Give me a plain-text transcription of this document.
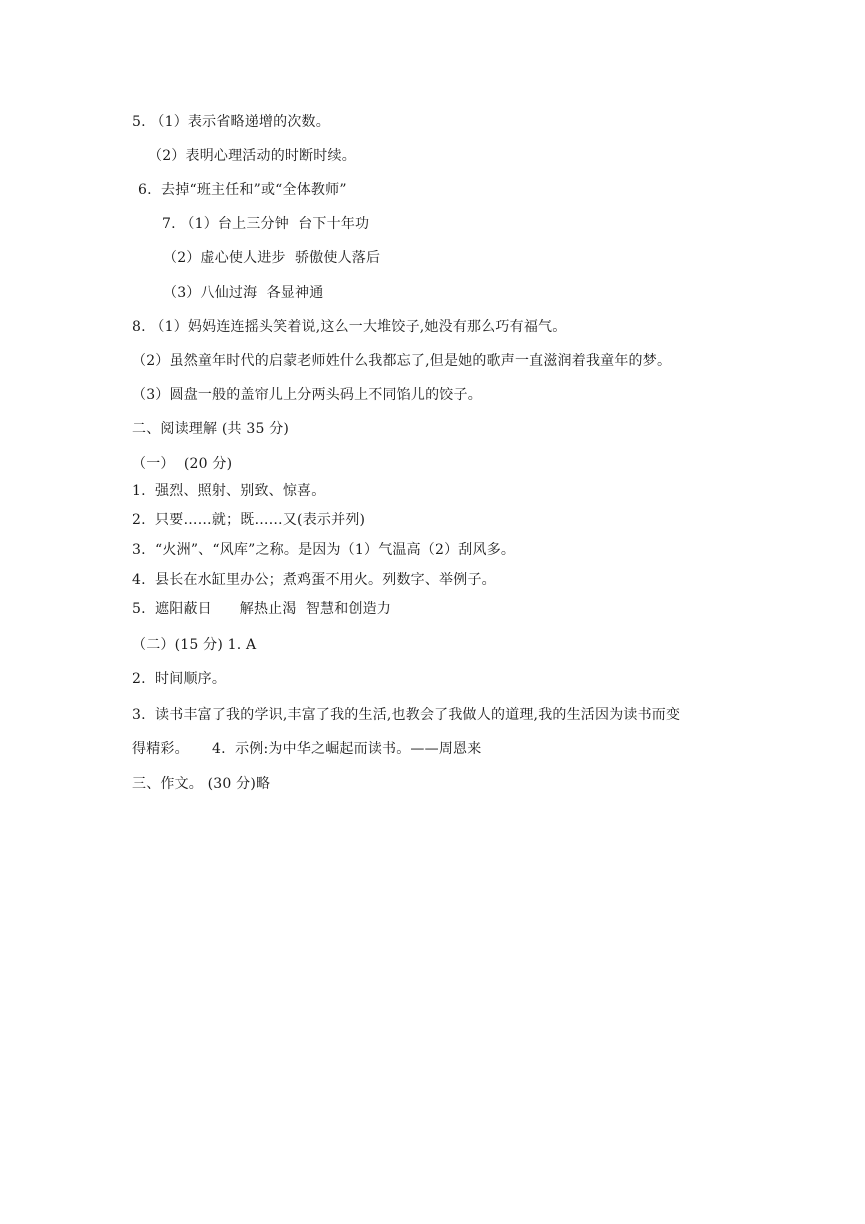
5. （1）表示省略递增的次数。
（2）表明心理活动的时断时续。
6.  去掉“班主任和”或“全体教师”
7. （1）台上三分钟  台下十年功
（2）虚心使人进步  骄傲使人落后
（3）八仙过海  各显神通
8. （1）妈妈连连摇头笑着说,这么一大堆饺子,她没有那么巧有福气。
（2）虽然童年时代的启蒙老师姓什么我都忘了,但是她的歌声一直滋润着我童年的梦。
（3）圆盘一般的盖帘儿上分两头码上不同馅儿的饺子。
二、阅读理解 (共 35 分)
（一）  (20 分)
1.  强烈、照射、别致、惊喜。
2.  只要……就；既……又(表示并列)
3.  “火洲”、“风库”之称。是因为（1）气温高（2）刮风多。
4.  县长在水缸里办公；煮鸡蛋不用火。列数字、举例子。
5.  遮阳蔽日      解热止渴  智慧和创造力
（二）(15 分) 1. A
2.  时间顺序。
3.  读书丰富了我的学识,丰富了我的生活,也教会了我做人的道理,我的生活因为读书而变
得精彩。     4.  示例:为中华之崛起而读书。——周恩来
三、作文。 (30 分)略
